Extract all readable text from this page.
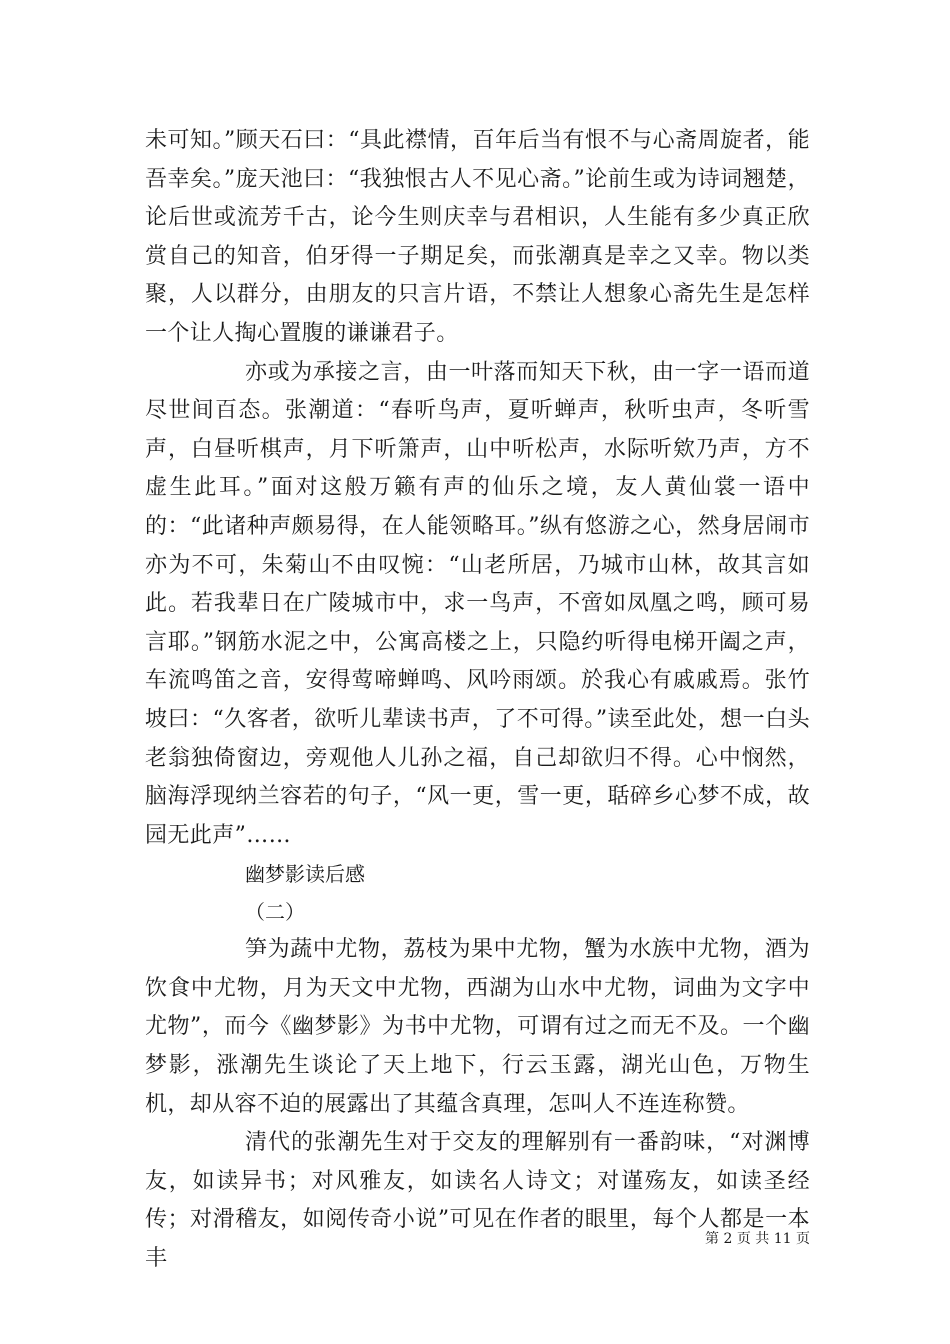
未可知。”顾天石曰：“具此襟情，百年后当有恨不与心斋周旋者，能吾幸矣。”庞天池曰：“我独恨古人不见心斋。”论前生或为诗词翘楚，论后世或流芳千古，论今生则庆幸与君相识，人生能有多少真正欣赏自己的知音，伯牙得一子期足矣，而张潮真是幸之又幸。物以类聚，人以群分，由朋友的只言片语，不禁让人想象心斋先生是怎样一个让人掏心置腹的谦谦君子。

亦或为承接之言，由一叶落而知天下秋，由一字一语而道尽世间百态。张潮道：“春听鸟声，夏听蝉声，秋听虫声，冬听雪声，白昼听棋声，月下听箫声，山中听松声，水际听欸乃声，方不虚生此耳。”面对这般万籁有声的仙乐之境，友人黄仙裳一语中的：“此诸种声颇易得，在人能领略耳。”纵有悠游之心，然身居闹市亦为不可，朱菊山不由叹惋：“山老所居，乃城市山林，故其言如此。若我辈日在广陵城市中，求一鸟声，不啻如凤凰之鸣，顾可易言耶。”钢筋水泥之中，公寓高楼之上，只隐约听得电梯开阖之声，车流鸣笛之音，安得莺啼蝉鸣、风吟雨颂。於我心有戚戚焉。张竹坡曰：“久客者，欲听儿辈读书声，了不可得。”读至此处，想一白头老翁独倚窗边，旁观他人儿孙之福，自己却欲归不得。心中悯然，脑海浮现纳兰容若的句子，“风一更，雪一更，聒碎乡心梦不成，故园无此声”……

幽梦影读后感

（二）

笋为蔬中尤物，荔枝为果中尤物，蟹为水族中尤物，酒为饮食中尤物，月为天文中尤物，西湖为山水中尤物，词曲为文字中尤物”，而今《幽梦影》为书中尤物，可谓有过之而无不及。一个幽梦影，涨潮先生谈论了天上地下，行云玉露，湖光山色，万物生机，却从容不迫的展露出了其蕴含真理，怎叫人不连连称赞。

清代的张潮先生对于交友的理解别有一番韵味，“对渊博友，如读异书；对风雅友，如读名人诗文；对谨殇友，如读圣经传；对滑稽友，如阅传奇小说”可见在作者的眼里，每个人都是一本丰

第 2 页 共 11 页
